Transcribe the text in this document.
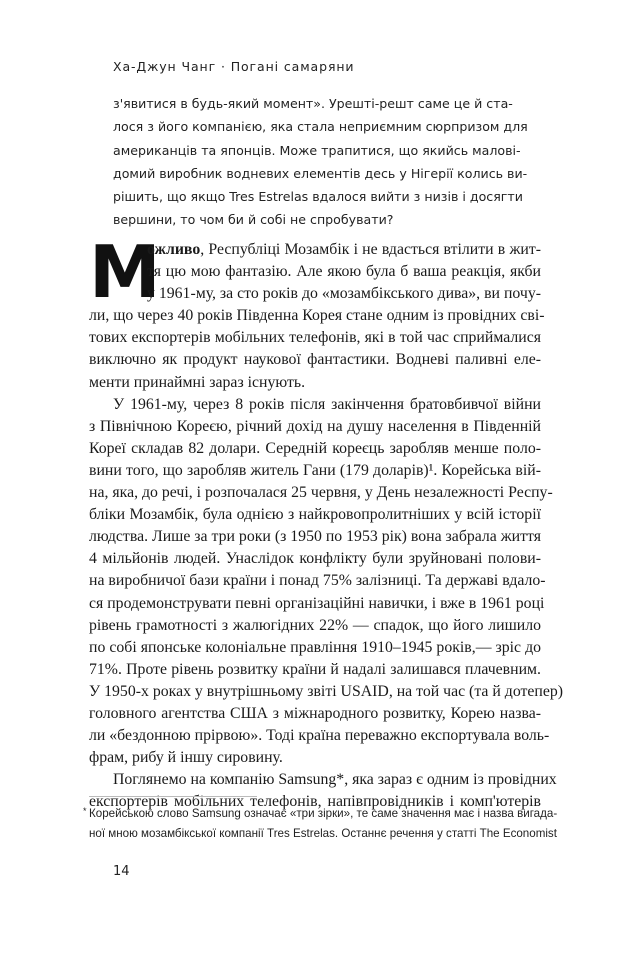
Ха-Джун Чанг · Погані самаряни
з'явитися в будь-який момент». Урешті-решт саме це й ста-
лося з його компанією, яка стала неприємним сюрпризом для
американців та японців. Може трапитися, що якийсь малові-
домий виробник водневих елементів десь у Нігерії колись ви-
рішить, що якщо Tres Estrelas вдалося вийти з низів і досягти
вершини, то чом би й собі не спробувати?
М
ожливо, Республіці Мозамбік і не вдасться втілити в жит-
тя цю мою фантазію. Але якою була б ваша реакція, якби
у 1961-му, за сто років до «мозамбікського дива», ви почу-
ли, що через 40 років Південна Корея стане одним із провідних сві-
тових експортерів мобільних телефонів, які в той час сприймалися
виключно як продукт наукової фантастики. Водневі паливні еле-
менти принаймні зараз існують.
У 1961-му, через 8 років після закінчення братовбивчої війни
з Північною Кореєю, річний дохід на душу населення в Південній
Кореї складав 82 долари. Середній кореєць заробляв менше поло-
вини того, що заробляв житель Гани (179 доларів)¹. Корейська вій-
на, яка, до речі, і розпочалася 25 червня, у День незалежності Респу-
бліки Мозамбік, була однією з найкровопролитніших у всій історії
людства. Лише за три роки (з 1950 по 1953 рік) вона забрала життя
4 мільйонів людей. Унаслідок конфлікту були зруйновані полови-
на виробничої бази країни і понад 75% залізниці. Та державі вдало-
ся продемонструвати певні організаційні навички, і вже в 1961 році
рівень грамотності з жалюгідних 22% — спадок, що його лишило
по собі японське колоніальне правління 1910–1945 років,— зріс до
71%. Проте рівень розвитку країни й надалі залишався плачевним.
У 1950-х роках у внутрішньому звіті USAID, на той час (та й дотепер)
головного агентства США з міжнародного розвитку, Корею назва-
ли «бездонною прірвою». Тоді країна переважно експортувала воль-
фрам, рибу й іншу сировину.
Поглянемо на компанію Samsung*, яка зараз є одним із провідних
експортерів мобільних телефонів, напівпровідників і комп'ютерів
* Корейською слово Samsung означає «три зірки», те саме значення має і назва вигада-
ної мною мозамбікської компанії Tres Estrelas. Останнє речення у статті The Economist
14
